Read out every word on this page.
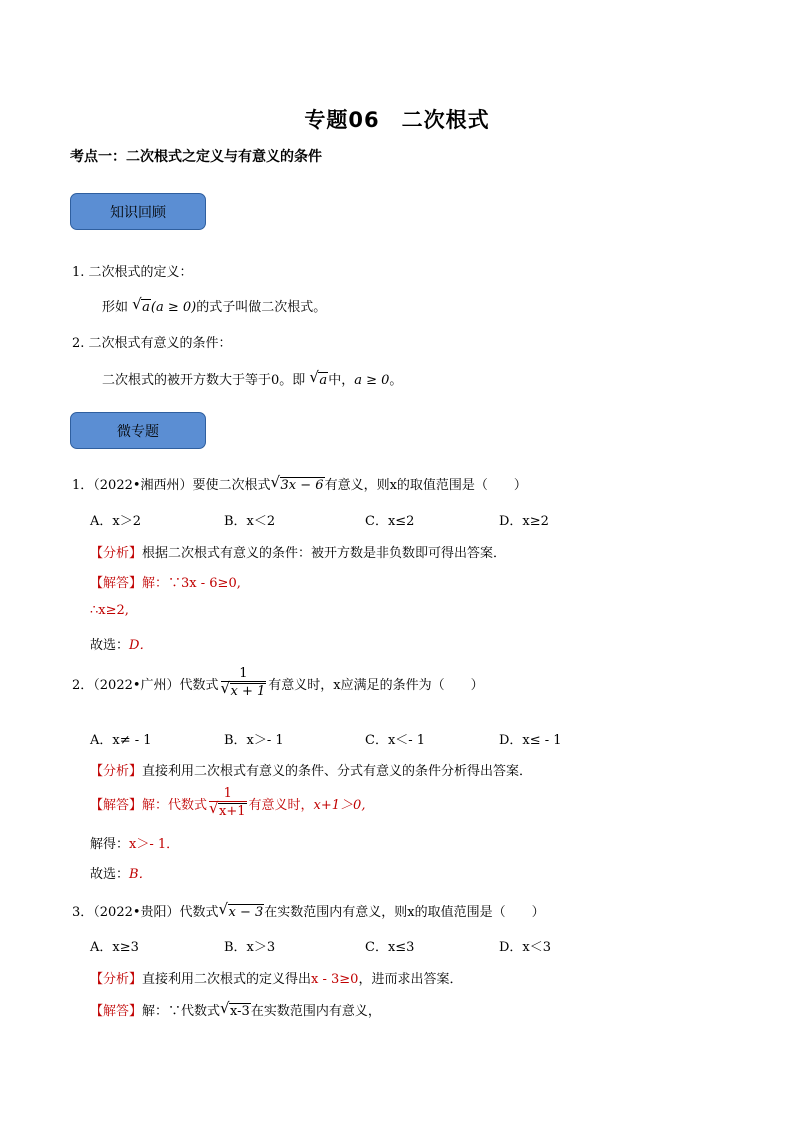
专题06　二次根式
考点一：二次根式之定义与有意义的条件
知识回顾
1. 二次根式的定义：
形如 √ a(a ≥ 0)的式子叫做二次根式。
2. 二次根式有意义的条件：
二次根式的被开方数大于等于0。即 √ a中，a ≥ 0。
微专题
1．（2022•湘西州）要使二次根式 √ 3x − 6有意义，则x的取值范围是（　　）
A．x＞2	B．x＜2	C．x≤2	D．x≥2
【分析】根据二次根式有意义的条件：被开方数是非负数即可得出答案．
【解答】解：∵3x - 6≥0,
∴x≥2,
故选：D．
2．（2022•广州）代数式 $\frac{1}{√ x + 1}$ 有意义时，x应满足的条件为（　　）
A．x≠ - 1	B．x＞- 1	C．x＜- 1	D．x≤ - 1
【分析】直接利用二次根式有意义的条件、分式有意义的条件分析得出答案．
【解答】 解：代数式 $\frac{1}{√ x+1}$ 有意义时， x+1＞0,
解得：x＞- 1．
故选：B．
3．（2022•贵阳）代数式 √ x − 3在实数范围内有意义，则x的取值范围是（　　）
A．x≥3	B．x＞3	C．x≤3	D．x＜3
【分析】直接利用二次根式的定义得出x - 3≥0，进而求出答案．
【解答】解：∵代数式 √ x-3在实数范围内有意义，
